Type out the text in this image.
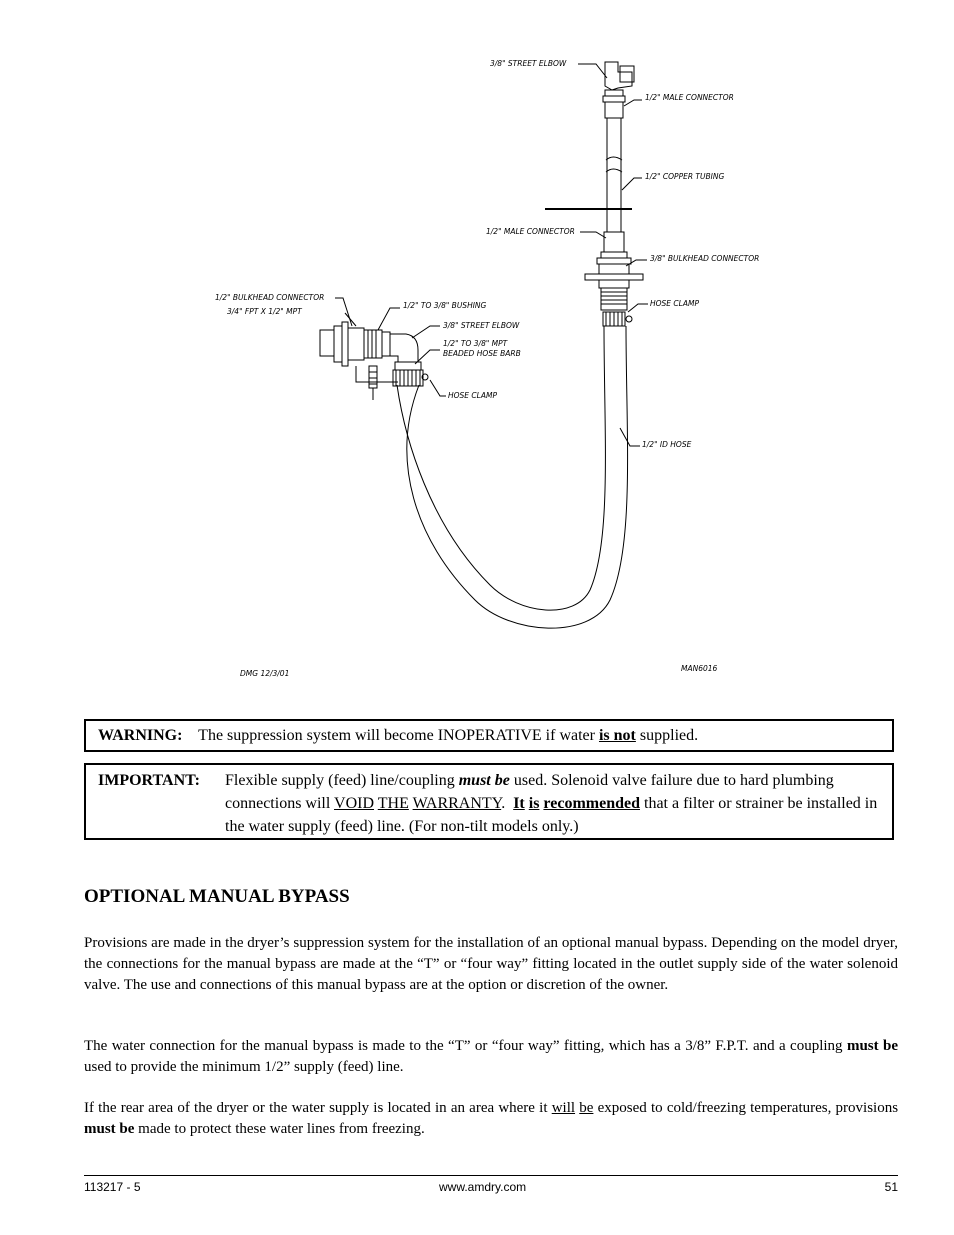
3/8" STREET ELBOW
1/2" MALE CONNECTOR
1/2" COPPER TUBING
1/2" MALE CONNECTOR
3/8" BULKHEAD CONNECTOR
HOSE CLAMP
1/2" BULKHEAD CONNECTOR
3/4" FPT X 1/2" MPT
1/2" TO 3/8" BUSHING
3/8" STREET ELBOW
1/2" TO 3/8" MPT
BEADED HOSE BARB
HOSE CLAMP
1/2" ID HOSE
DMG 12/3/01
MAN6016
WARNING: The suppression system will become INOPERATIVE if water is not supplied.
IMPORTANT:	Flexible supply (feed) line/coupling must be used. Solenoid valve failure due to hard plumbing connections will VOID THE WARRANTY. It is recommended that a filter or strainer be installed in the water supply (feed) line. (For non-tilt models only.)
OPTIONAL MANUAL BYPASS

Provisions are made in the dryer’s suppression system for the installation of an optional manual bypass. Depending on the model dryer, the connections for the manual bypass are made at the “T” or “four way” fitting located in the outlet supply side of the water solenoid valve. The use and connections of this manual bypass are at the option or discretion of the owner.

The water connection for the manual bypass is made to the “T” or “four way” fitting, which has a 3/8” F.P.T. and a coupling must be used to provide the minimum 1/2” supply (feed) line.

If the rear area of the dryer or the water supply is located in an area where it will be exposed to cold/freezing temperatures, provisions must be made to protect these water lines from freezing.

113217 - 5	www.amdry.com	51
